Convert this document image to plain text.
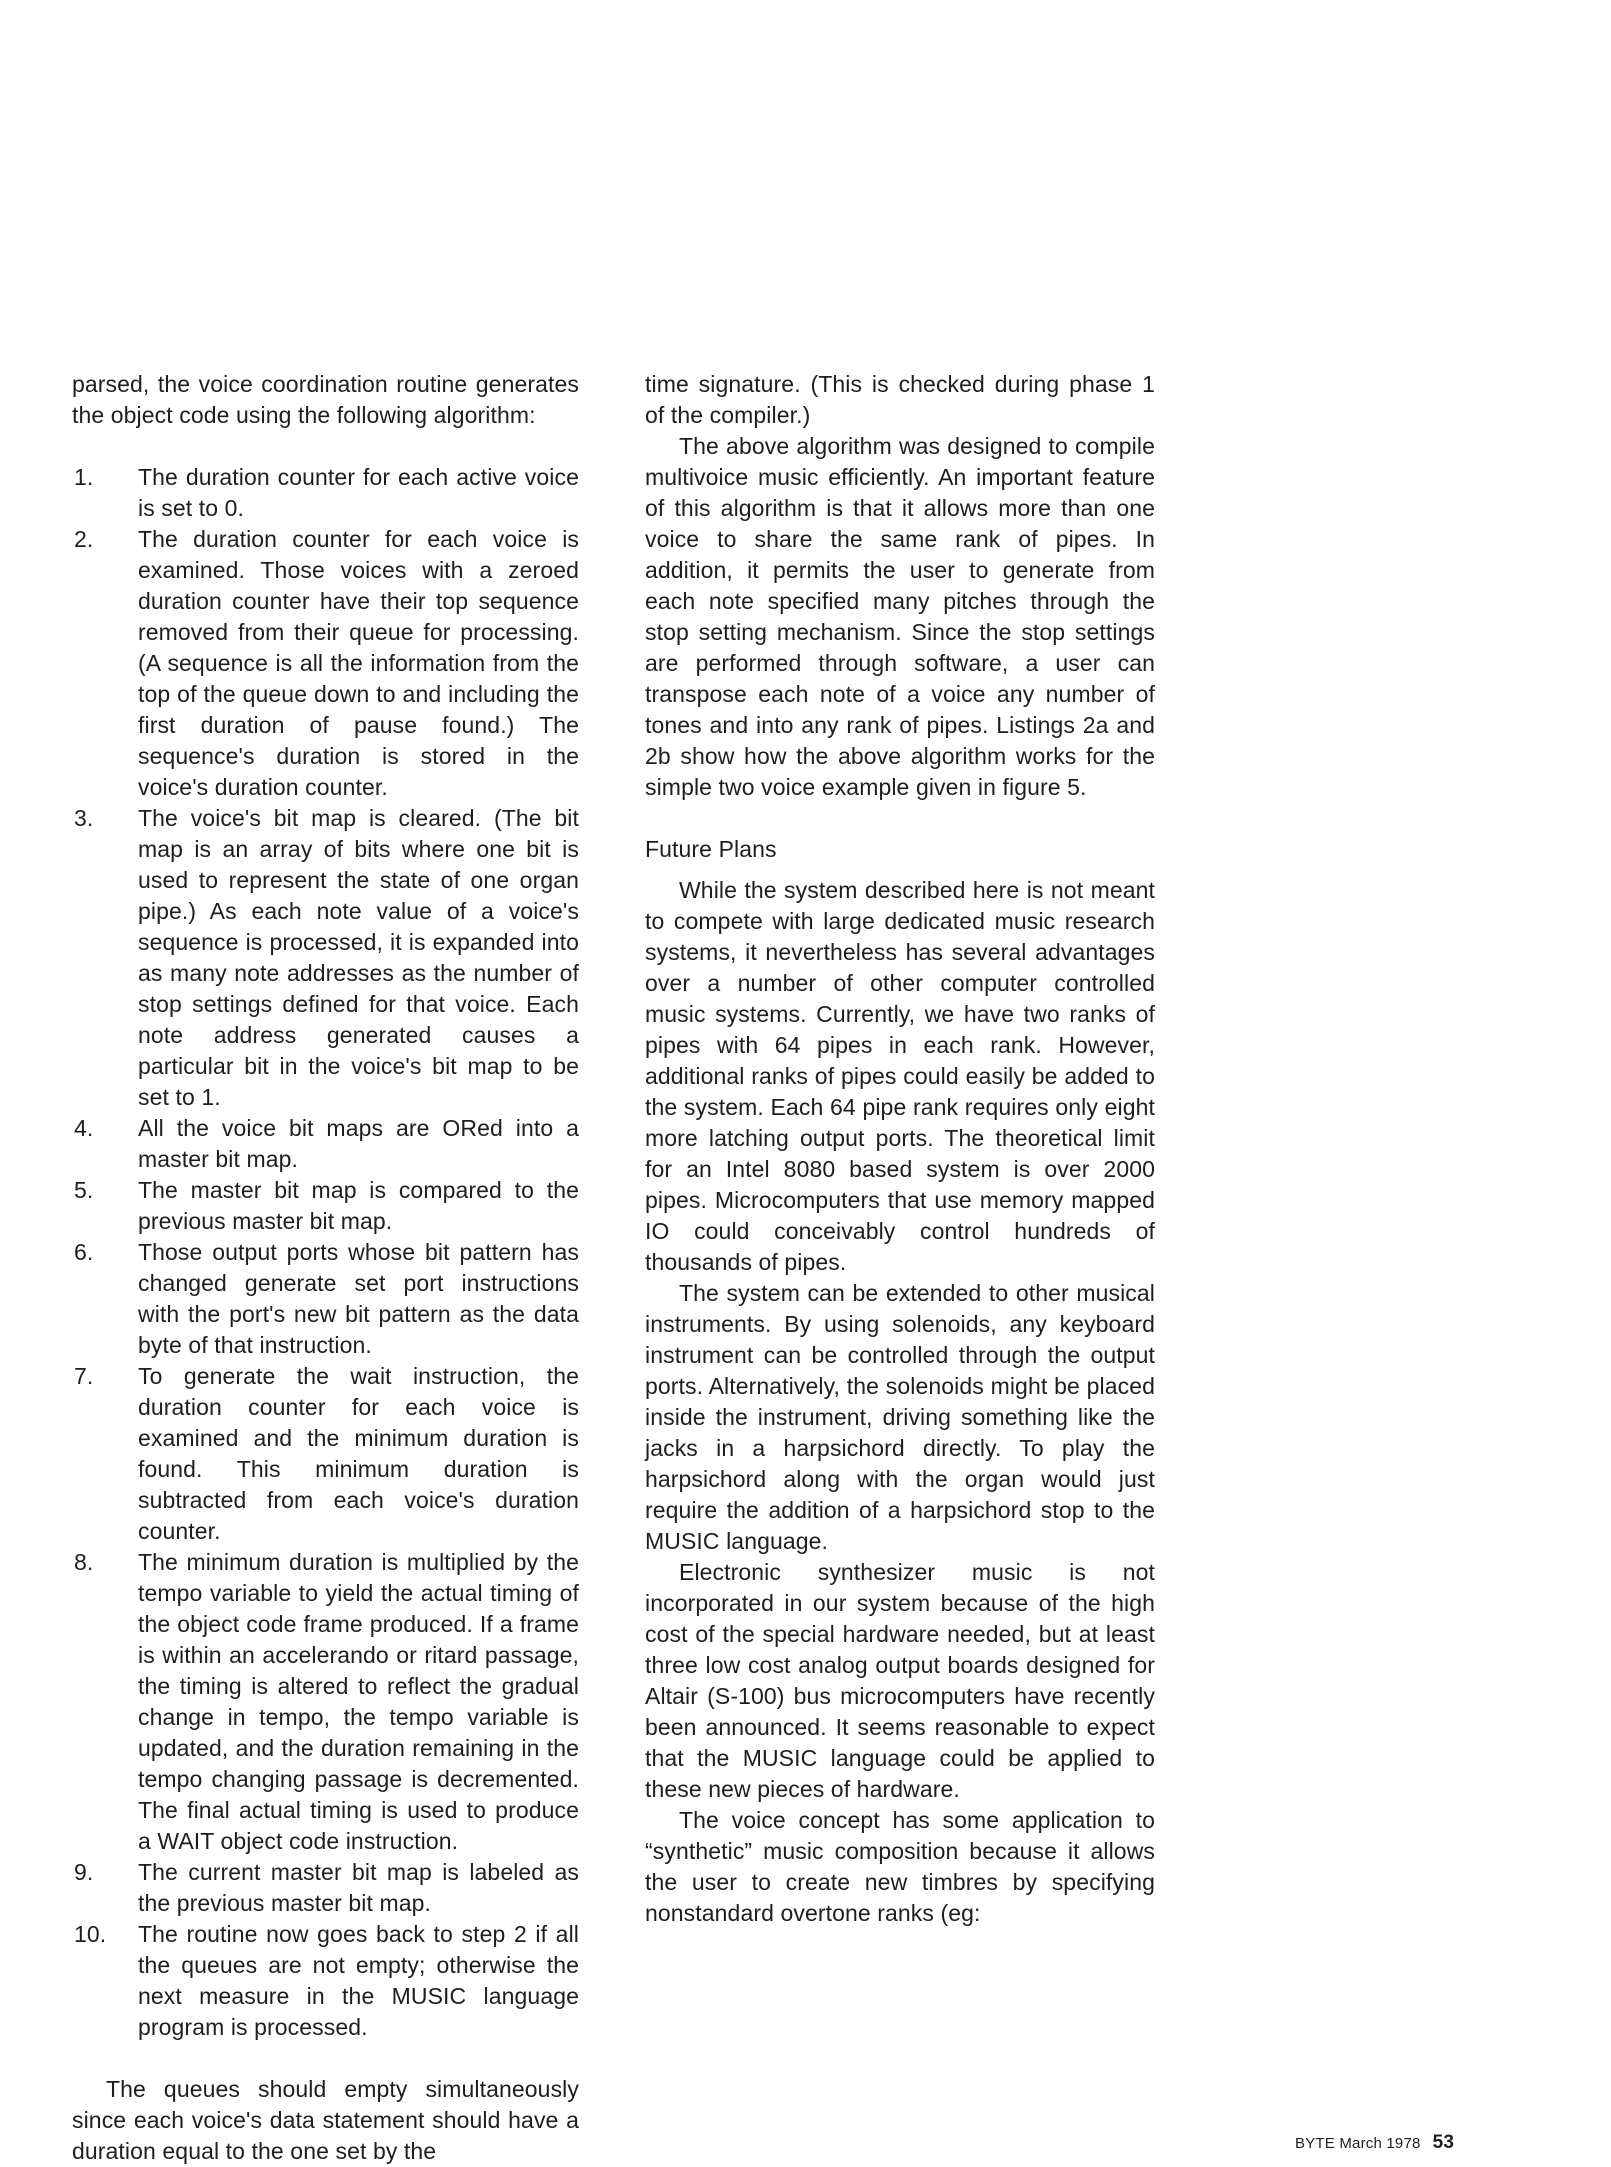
parsed, the voice coordination routine generates the object code using the following algorithm:

1.	The duration counter for each active voice is set to 0.
2.	The duration counter for each voice is examined. Those voices with a zeroed duration counter have their top sequence removed from their queue for processing. (A sequence is all the information from the top of the queue down to and including the first duration of pause found.) The sequence's duration is stored in the voice's duration counter.
3.	The voice's bit map is cleared. (The bit map is an array of bits where one bit is used to represent the state of one organ pipe.) As each note value of a voice's sequence is processed, it is expanded into as many note addresses as the number of stop settings defined for that voice. Each note address generated causes a particular bit in the voice's bit map to be set to 1.
4.	All the voice bit maps are ORed into a master bit map.
5.	The master bit map is compared to the previous master bit map.
6.	Those output ports whose bit pattern has changed generate set port instructions with the port's new bit pattern as the data byte of that instruction.
7.	To generate the wait instruction, the duration counter for each voice is examined and the minimum duration is found. This minimum duration is subtracted from each voice's duration counter.
8.	The minimum duration is multiplied by the tempo variable to yield the actual timing of the object code frame produced. If a frame is within an accelerando or ritard passage, the timing is altered to reflect the gradual change in tempo, the tempo variable is updated, and the duration remaining in the tempo changing passage is decremented. The final actual timing is used to produce a WAIT object code instruction.
9.	The current master bit map is labeled as the previous master bit map.
10.	The routine now goes back to step 2 if all the queues are not empty; otherwise the next measure in the MUSIC language program is processed.

The queues should empty simultaneously since each voice's data statement should have a duration equal to the one set by the

time signature. (This is checked during phase 1 of the compiler.)

The above algorithm was designed to compile multivoice music efficiently. An important feature of this algorithm is that it allows more than one voice to share the same rank of pipes. In addition, it permits the user to generate from each note specified many pitches through the stop setting mechanism. Since the stop settings are performed through software, a user can transpose each note of a voice any number of tones and into any rank of pipes. Listings 2a and 2b show how the above algorithm works for the simple two voice example given in figure 5.

Future Plans

While the system described here is not meant to compete with large dedicated music research systems, it nevertheless has several advantages over a number of other computer controlled music systems. Currently, we have two ranks of pipes with 64 pipes in each rank. However, additional ranks of pipes could easily be added to the system. Each 64 pipe rank requires only eight more latching output ports. The theoretical limit for an Intel 8080 based system is over 2000 pipes. Microcomputers that use memory mapped IO could conceivably control hundreds of thousands of pipes.

The system can be extended to other musical instruments. By using solenoids, any keyboard instrument can be controlled through the output ports. Alternatively, the solenoids might be placed inside the instrument, driving something like the jacks in a harpsichord directly. To play the harpsichord along with the organ would just require the addition of a harpsichord stop to the MUSIC language.

Electronic synthesizer music is not incorporated in our system because of the high cost of the special hardware needed, but at least three low cost analog output boards designed for Altair (S-100) bus microcomputers have recently been announced. It seems reasonable to expect that the MUSIC language could be applied to these new pieces of hardware.

The voice concept has some application to “synthetic” music composition because it allows the user to create new timbres by specifying nonstandard overtone ranks (eg:

BYTE March 1978 53
